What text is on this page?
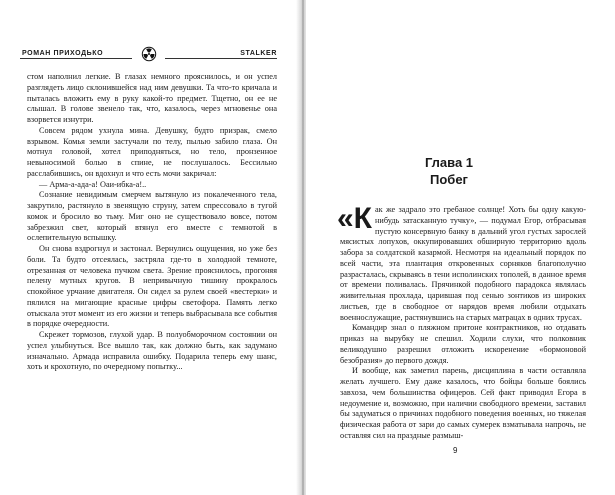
РОМАН ПРИХОДЬКО	STALKER

стом наполнил легкие. В глазах немного прояснилось, и он успел разглядеть лицо склонившейся над ним девушки. Та что-то кричала и пыталась вложить ему в руку какой-то предмет. Тщетно, он ее не слышал. В голове звенело так, что, казалось, через мгновенье она взорвется изнутри.

Совсем рядом ухнула мина. Девушку, будто призрак, смело взрывом. Комья земли застучали по телу, пылью забило глаза. Он мотнул головой, хотел приподняться, но тело, пронзенное невыносимой болью в спине, не послушалось. Бессильно расслабившись, он вдохнул и что есть мочи закричал:

— Арма-а-ада-а! Оаи-ибка-а!..

Сознание невидимым смерчем вытянуло из покалеченного тела, закрутило, растянуло в звенящую струну, затем спрессовало в тугой комок и бросило во тьму. Миг оно не существовало вовсе, потом забрезжил свет, который втянул его вместе с темнотой в ослепительную вспышку.

Он снова вздрогнул и застонал. Вернулись ощущения, но уже без боли. Та будто отсеялась, застряла где-то в холодной темноте, отрезанная от человека пучком света. Зрение прояснилось, прогоняя пелену мутных кругов. В непривычную тишину прокралось спокойное урчание двигателя. Он сидел за рулем своей «вестерки» и пялился на мигающие красные цифры светофора. Память легко отыскала этот момент из его жизни и теперь выбрасывала все события в порядке очередности.

Скрежет тормозов, глухой удар. В полуобморочном состоянии он успел улыбнуться. Все вышло так, как должно быть, как задумано изначально. Армада исправила ошибку. Подарила теперь ему шанс, хоть и крохотную, по очередному попытку...

Глава 1
Побег

«Как же задрало это гребаное солнце! Хоть бы одну какую-нибудь затасканную тучку», — подумал Егор, отбрасывая пустую консервную банку в дальний угол густых зарослей мясистых лопухов, оккупировавших обширную территорию вдоль забора за солдатской казармой. Несмотря на идеальный порядок по всей части, эта плантация откровенных сорняков благополучно разрасталась, скрываясь в тени исполинских тополей, в данное время от времени поливалась. Прячинкой подобного парадокса являлась живительная прохлада, царившая под сенью зонтиков из широких листьев, где в свободное от нарядов время любили отдыхать военнослужащие, растянувшись на старых матрацах в одних трусах.

Командир знал о пляжном притоне контрактников, но отдавать приказ на вырубку не спешил. Ходили слухи, что полковник великодушно разрешил отложить искоренение «бормоновой безобразия» до первого дождя.

И вообще, как заметил парень, дисциплина в части оставляла желать лучшего. Ему даже казалось, что бойцы больше боялись завхоза, чем большинства офицеров. Сей факт приводил Егора в недоумение и, возможно, при наличии свободного времени, заставил бы задуматься о причинах подобного поведения военных, но тяжелая физическая работа от зари до самых сумерек взматывала напрочь, не оставляя сил на праздные размыш-

9
